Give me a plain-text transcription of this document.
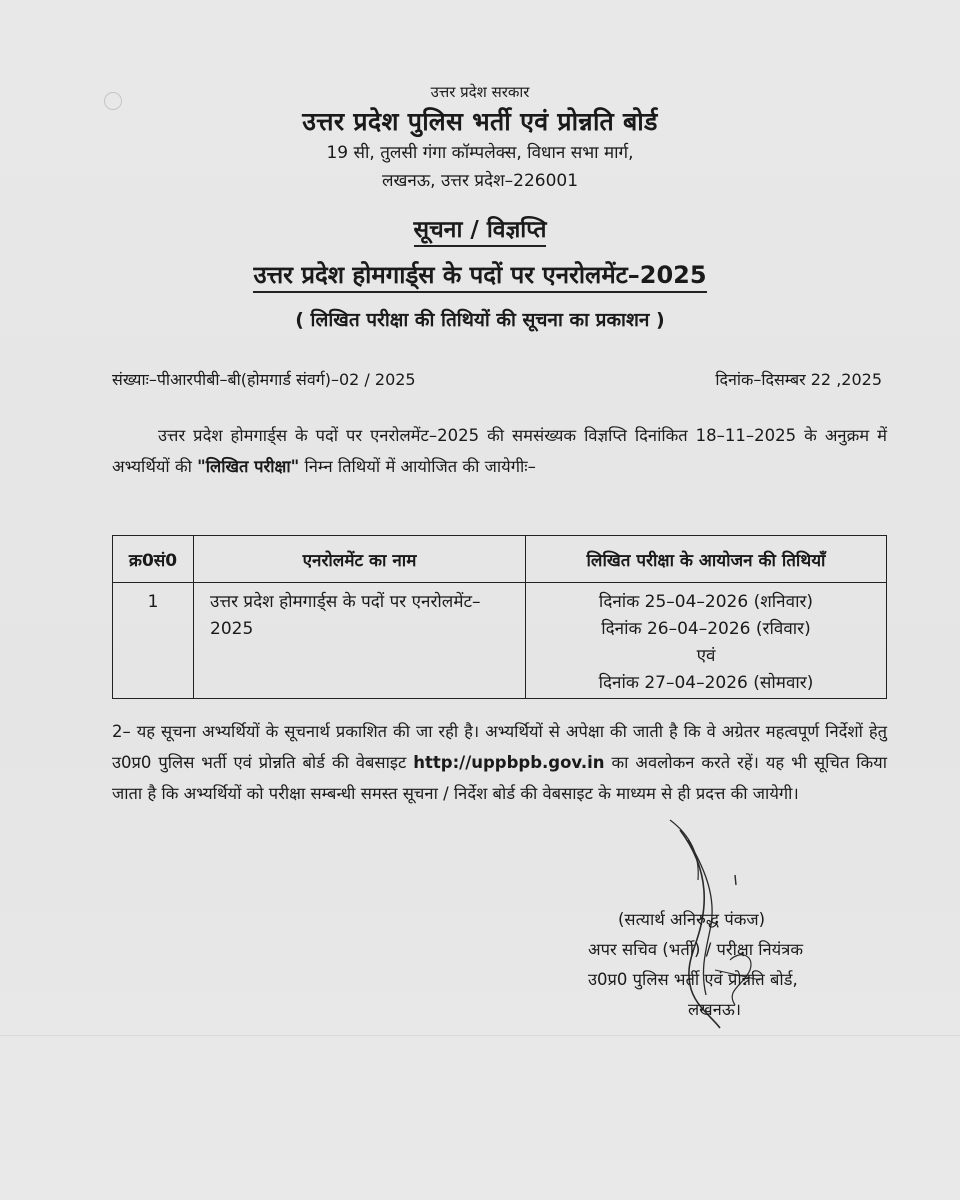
उत्तर प्रदेश सरकार
उत्तर प्रदेश पुलिस भर्ती एवं प्रोन्नति बोर्ड
19 सी, तुलसी गंगा कॉम्पलेक्स, विधान सभा मार्ग,
लखनऊ, उत्तर प्रदेश–226001
सूचना / विज्ञप्ति
उत्तर प्रदेश होमगार्ड्स के पदों पर एनरोलमेंट–2025
( लिखित परीक्षा की तिथियों की सूचना का प्रकाशन )
संख्याः–पीआरपीबी–बी(होमगार्ड संवर्ग)–02 / 2025	दिनांक–दिसम्बर 22 ,2025
उत्तर प्रदेश होमगार्ड्स के पदों पर एनरोलमेंट–2025 की समसंख्यक विज्ञप्ति दिनांकित 18–11–2025 के अनुक्रम में अभ्यर्थियों की "लिखित परीक्षा" निम्न तिथियों में आयोजित की जायेगीः–
क्र0सं0	एनरोलमेंट का नाम	लिखित परीक्षा के आयोजन की तिथियाँ
1	उत्तर प्रदेश होमगार्ड्स के पदों पर एनरोलमेंट–2025	दिनांक 25–04–2026 (शनिवार)
दिनांक 26–04–2026 (रविवार)
एवं
दिनांक 27–04–2026 (सोमवार)
2– यह सूचना अभ्यर्थियों के सूचनार्थ प्रकाशित की जा रही है। अभ्यर्थियों से अपेक्षा की जाती है कि वे अग्रेतर महत्वपूर्ण निर्देशों हेतु उ0प्र0 पुलिस भर्ती एवं प्रोन्नति बोर्ड की वेबसाइट http://uppbpb.gov.in का अवलोकन करते रहें। यह भी सूचित किया जाता है कि अभ्यर्थियों को परीक्षा सम्बन्धी समस्त सूचना / निर्देश बोर्ड की वेबसाइट के माध्यम से ही प्रदत्त की जायेगी।
(सत्यार्थ अनिरुद्ध पंकज)
अपर सचिव (भर्ती) / परीक्षा नियंत्रक
उ0प्र0 पुलिस भर्ती एवं प्रोन्नति बोर्ड,
लखनऊ।
